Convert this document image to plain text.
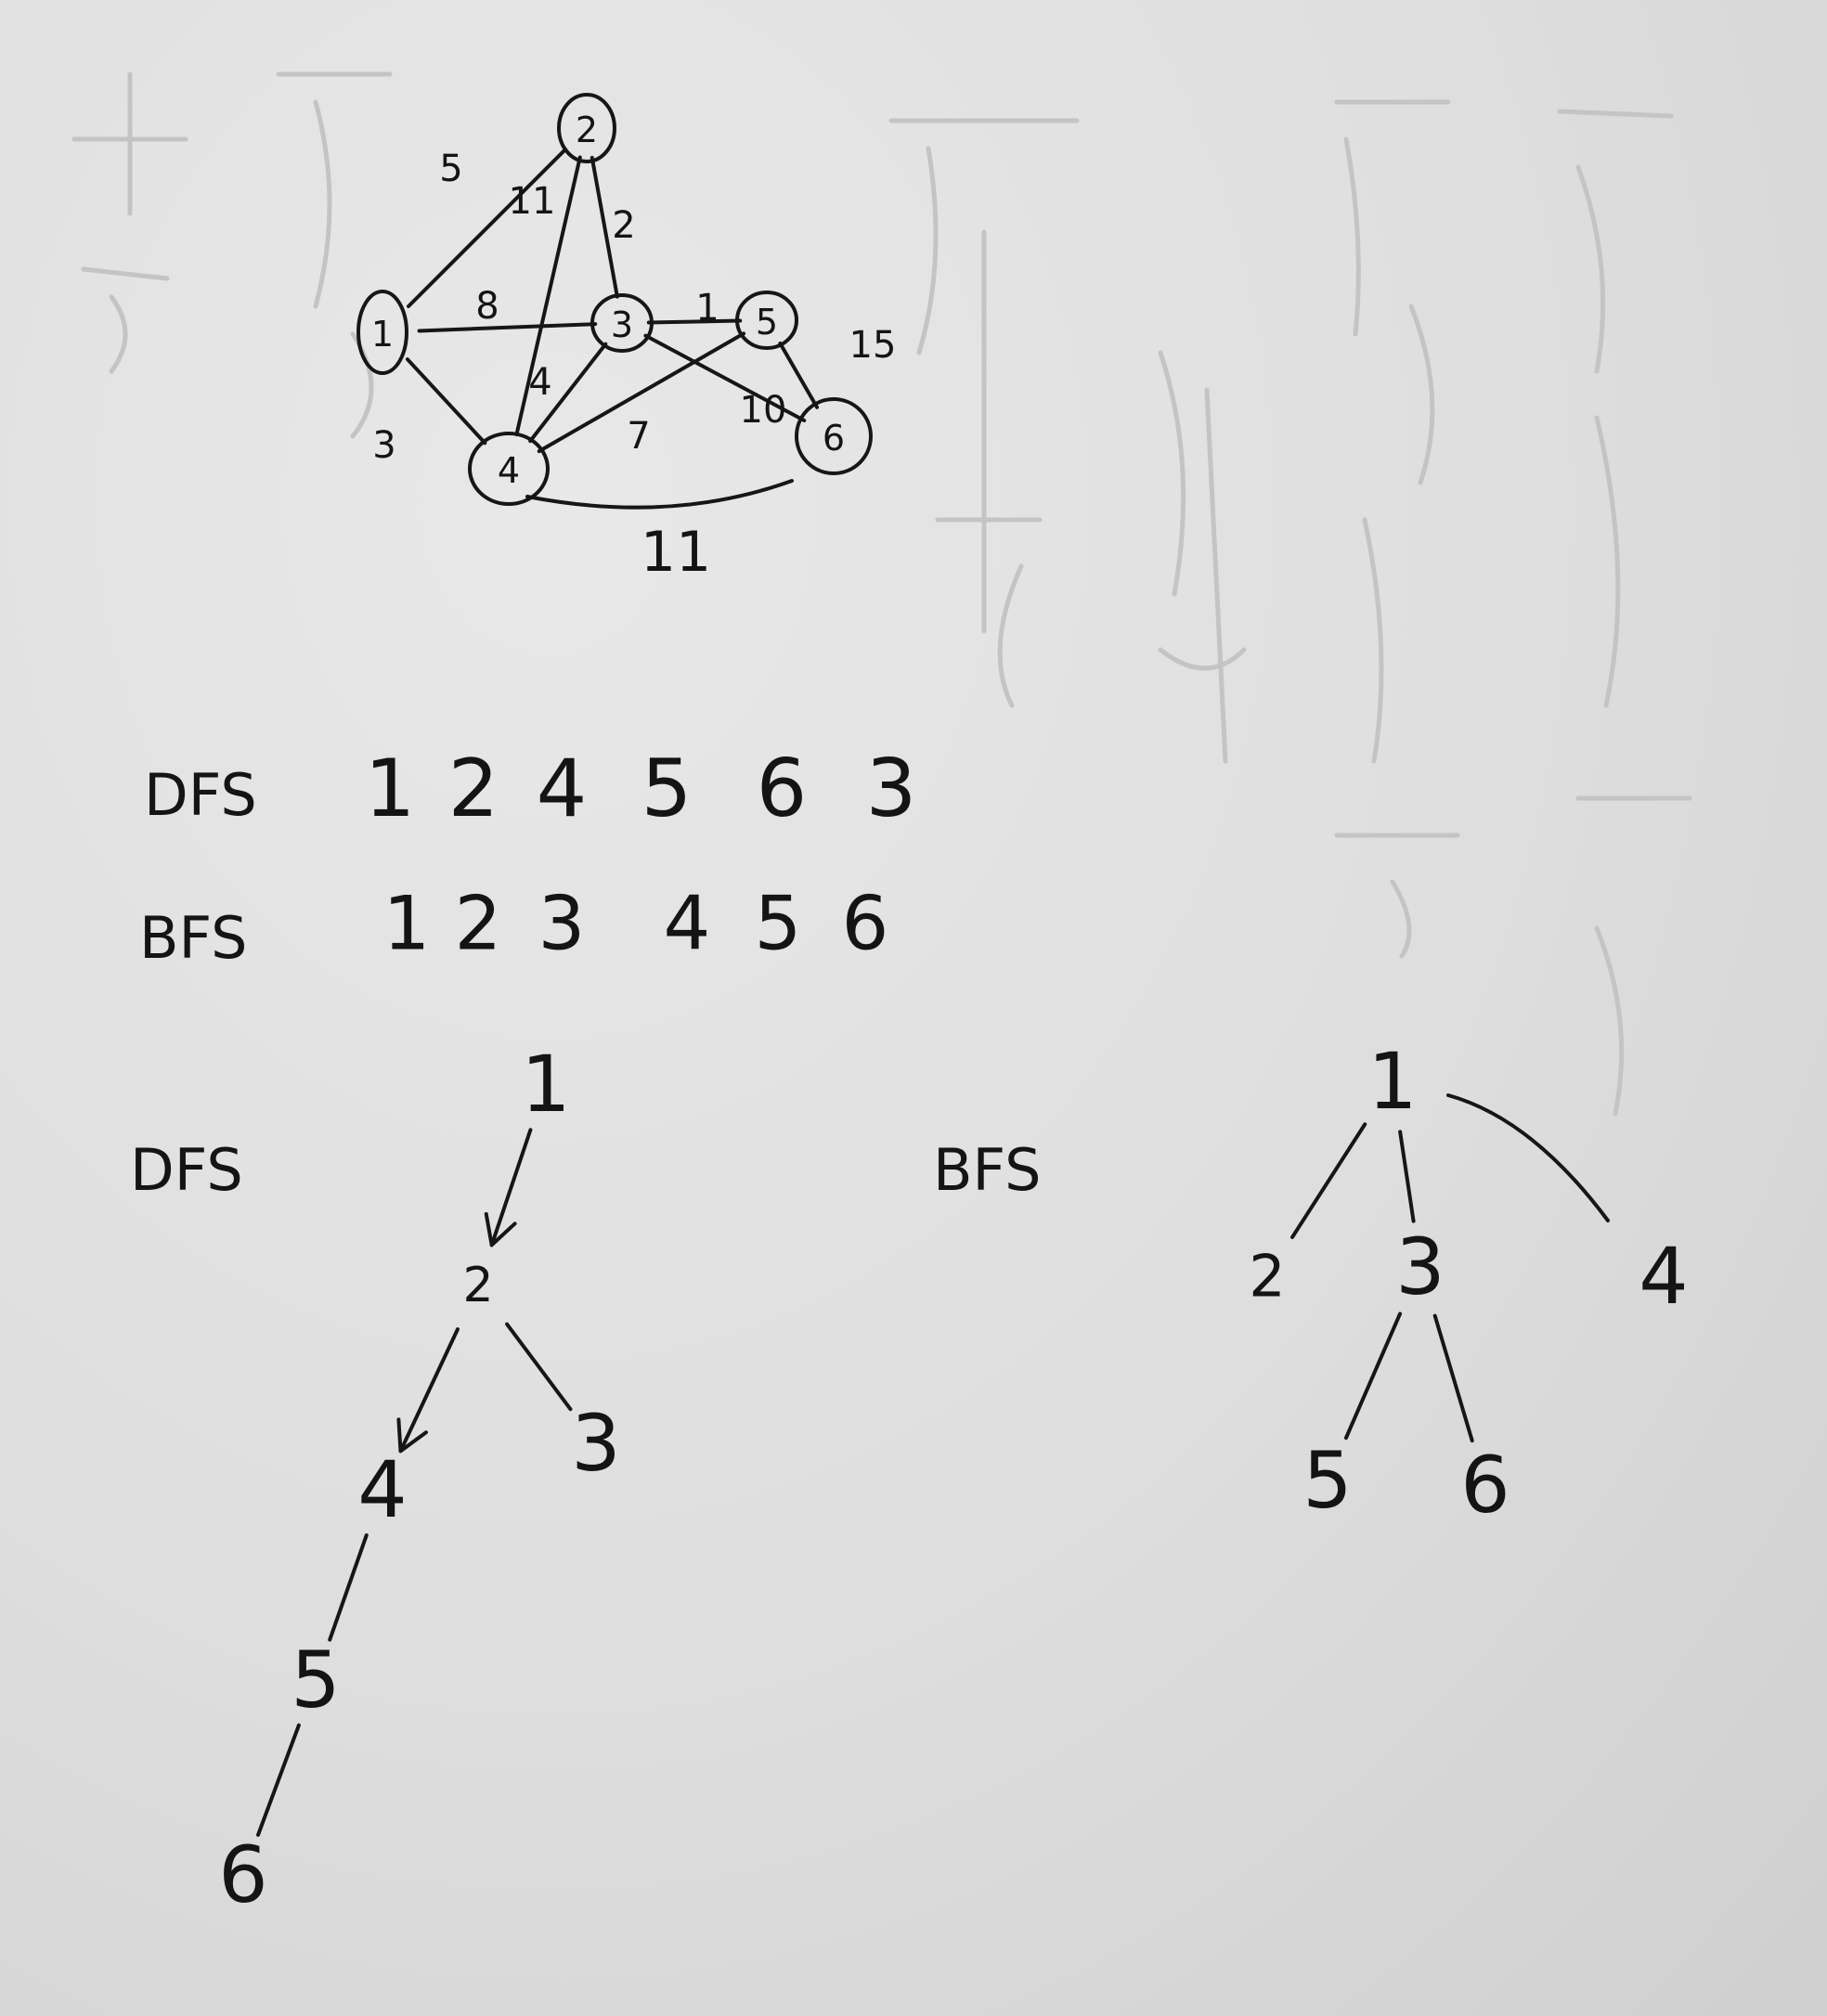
5
11
2
8	1
15
3
4
7
10
11
1
2
3
4
5
6
DFS 1 2 4 5 6 3
BFS 1 2 3 4 5 6
DFS
1
2
4
3
5
6
BFS
1
2 3 4
5 6
